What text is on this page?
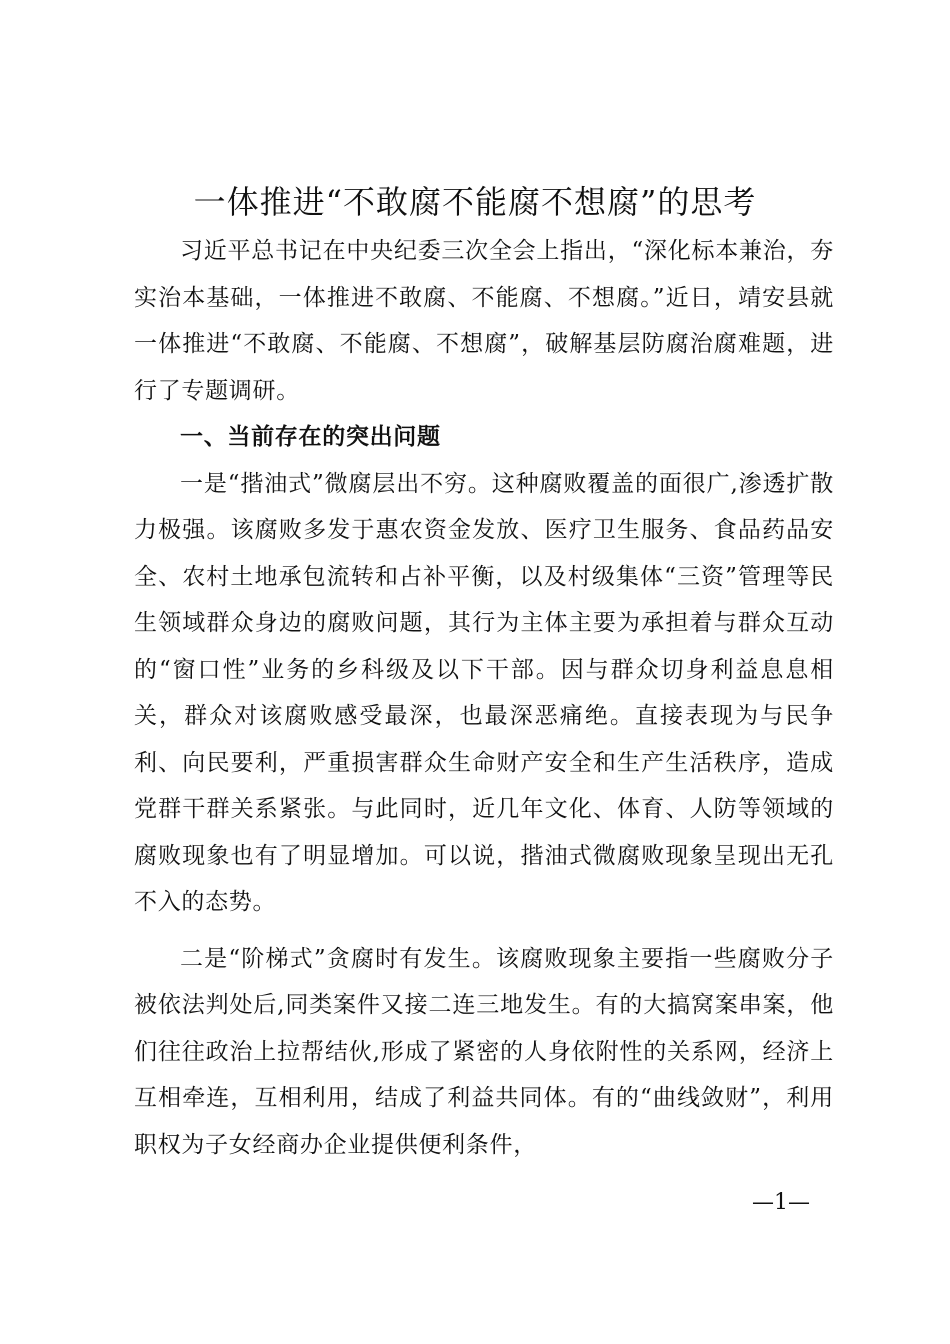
一体推进“不敢腐不能腐不想腐”的思考

习近平总书记在中央纪委三次全会上指出，“深化标本兼治，夯实治本基础，一体推进不敢腐、不能腐、不想腐。”近日，靖安县就一体推进“不敢腐、不能腐、不想腐”，破解基层防腐治腐难题，进行了专题调研。

一、当前存在的突出问题

一是“揩油式”微腐层出不穷。这种腐败覆盖的面很广,渗透扩散力极强。该腐败多发于惠农资金发放、医疗卫生服务、食品药品安全、农村土地承包流转和占补平衡，以及村级集体“三资”管理等民生领域群众身边的腐败问题，其行为主体主要为承担着与群众互动的“窗口性”业务的乡科级及以下干部。因与群众切身利益息息相关，群众对该腐败感受最深，也最深恶痛绝。直接表现为与民争利、向民要利，严重损害群众生命财产安全和生产生活秩序，造成党群干群关系紧张。与此同时，近几年文化、体育、人防等领域的腐败现象也有了明显增加。可以说，揩油式微腐败现象呈现出无孔不入的态势。

二是“阶梯式”贪腐时有发生。该腐败现象主要指一些腐败分子被依法判处后,同类案件又接二连三地发生。有的大搞窝案串案，他们往往政治上拉帮结伙,形成了紧密的人身依附性的关系网，经济上互相牵连，互相利用，结成了利益共同体。有的“曲线敛财”，利用职权为子女经商办企业提供便利条件，

—1—
